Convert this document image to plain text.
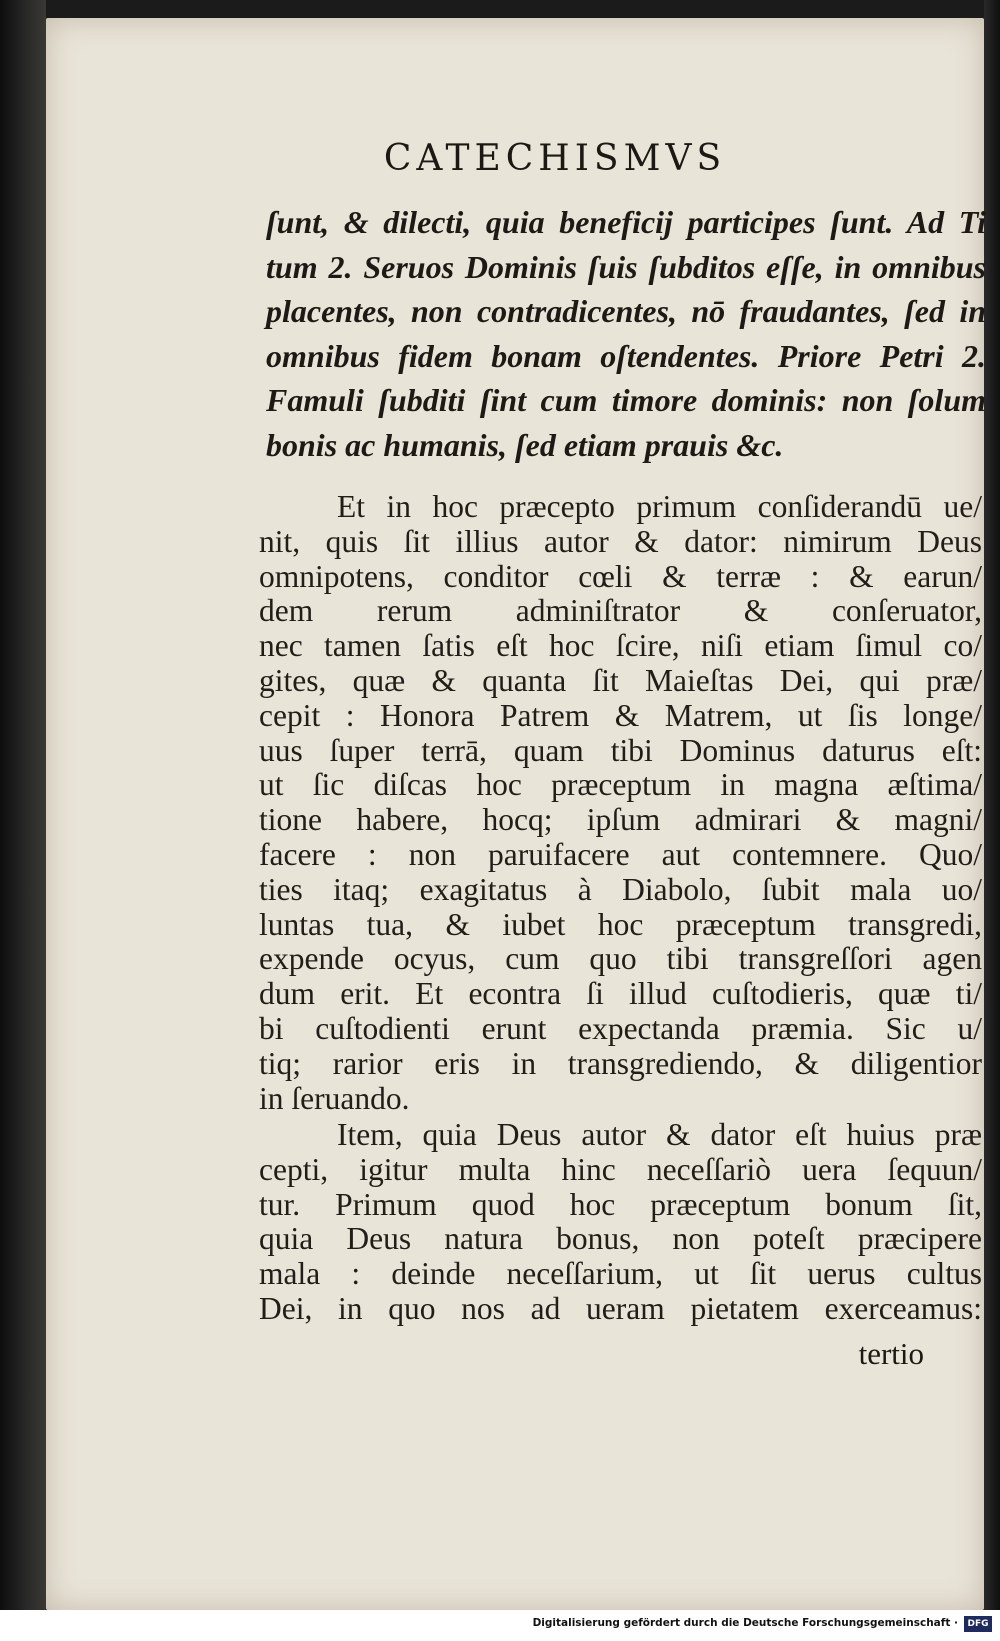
CATECHISMVS
ſunt, & dilecti, quia beneficij participes ſunt. Ad Ti
tum 2. Seruos Dominis ſuis ſubditos eſſe, in omnibus
placentes, non contradicentes, nō fraudantes, ſed in
omnibus fidem bonam oſtendentes. Priore Petri 2.
Famuli ſubditi ſint cum timore dominis: non ſolum
bonis ac humanis, ſed etiam prauis &c.
Et in hoc præcepto primum conſiderandū ue/
nit, quis ſit illius autor & dator: nimirum Deus
omnipotens, conditor cœli & terræ : & earun/
dem rerum adminiſtrator & conſeruator,
nec tamen ſatis eſt hoc ſcire, niſi etiam ſimul co/
gites, quæ & quanta ſit Maieſtas Dei, qui præ/
cepit : Honora Patrem & Matrem, ut ſis longe/
uus ſuper terrā, quam tibi Dominus daturus eſt:
ut ſic diſcas hoc præceptum in magna æſtima/
tione habere, hocq; ipſum admirari & magni/
facere : non paruifacere aut contemnere. Quo/
ties itaq; exagitatus à Diabolo, ſubit mala uo/
luntas tua, & iubet hoc præceptum transgredi,
expende ocyus, cum quo tibi transgreſſori agen
dum erit. Et econtra ſi illud cuſtodieris, quæ ti/
bi cuſtodienti erunt expectanda præmia. Sic u/
tiq; rarior eris in transgrediendo, & diligentior
in ſeruando.
Item, quia Deus autor & dator eſt huius præ
cepti, igitur multa hinc neceſſariò uera ſequun/
tur. Primum quod hoc præceptum bonum ſit,
quia Deus natura bonus, non poteſt præcipere
mala : deinde neceſſarium, ut ſit uerus cultus
Dei, in quo nos ad ueram pietatem exerceamus:
tertio
Digitalisierung gefördert durch die Deutsche Forschungsgemeinschaft ·	DFG
